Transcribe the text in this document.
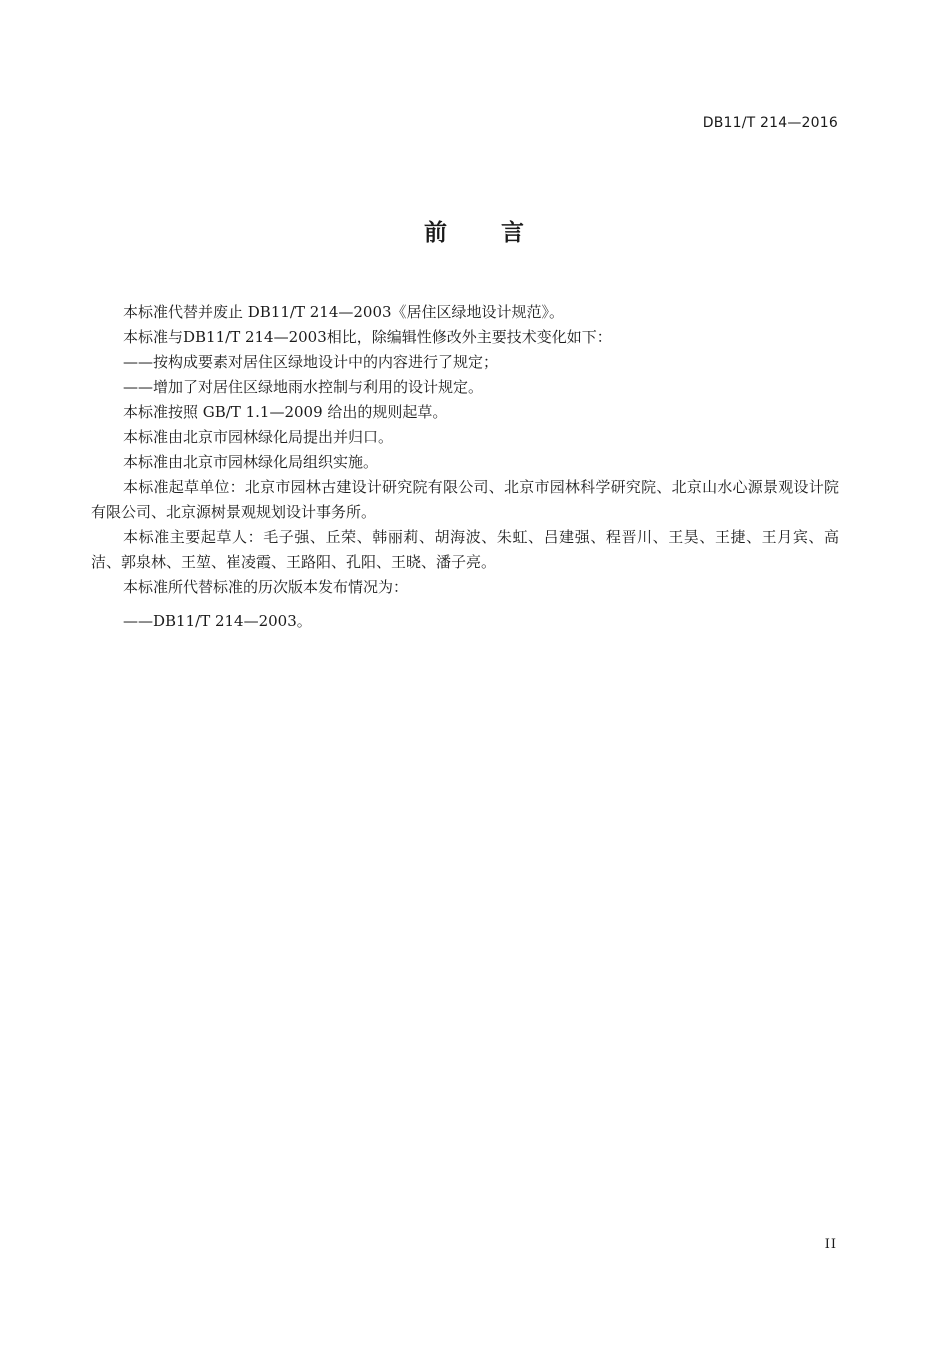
DB11/T 214—2016
前 言

本标准代替并废止 DB11/T 214—2003《居住区绿地设计规范》。

本标准与DB11/T 214—2003相比，除编辑性修改外主要技术变化如下：

——按构成要素对居住区绿地设计中的内容进行了规定；

——增加了对居住区绿地雨水控制与利用的设计规定。

本标准按照 GB/T 1.1—2009 给出的规则起草。

本标准由北京市园林绿化局提出并归口。

本标准由北京市园林绿化局组织实施。

本标准起草单位：北京市园林古建设计研究院有限公司、北京市园林科学研究院、北京山水心源景观设计院有限公司、北京源树景观规划设计事务所。

本标准主要起草人：毛子强、丘荣、韩丽莉、胡海波、朱虹、吕建强、程晋川、王昊、王捷、王月宾、高洁、郭泉林、王堃、崔凌霞、王路阳、孔阳、王晓、潘子亮。

本标准所代替标准的历次版本发布情况为：

——DB11/T 214—2003。

II
